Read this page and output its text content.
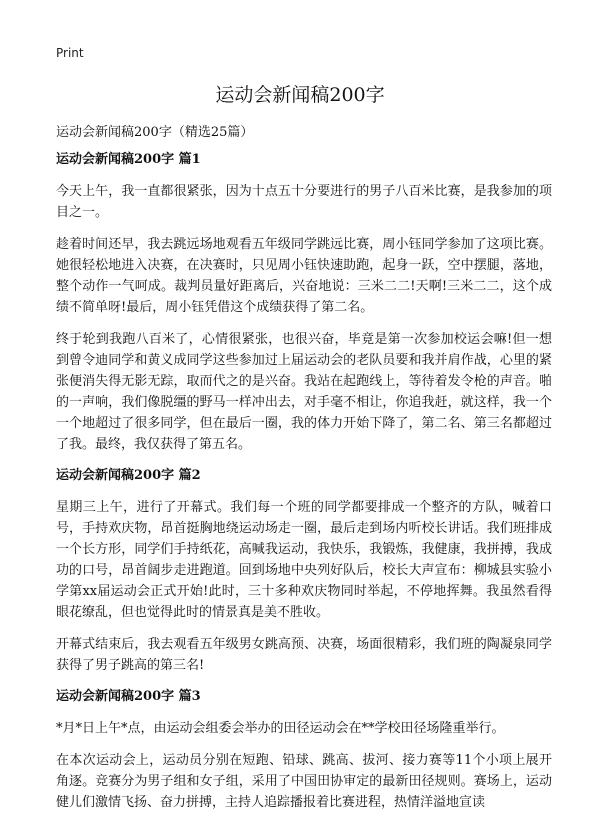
Print
运动会新闻稿200字

运动会新闻稿200字（精选25篇）

运动会新闻稿200字 篇1

今天上午，我一直都很紧张，因为十点五十分要进行的男子八百米比赛，是我参加的项目之一。

趁着时间还早，我去跳远场地观看五年级同学跳远比赛，周小钰同学参加了这项比赛。她很轻松地进入决赛，在决赛时，只见周小钰快速助跑，起身一跃，空中摆腿，落地，整个动作一气呵成。裁判员量好距离后，兴奋地说：三米二二!天啊!三米二二，这个成绩不简单呀!最后，周小钰凭借这个成绩获得了第二名。

终于轮到我跑八百米了，心情很紧张，也很兴奋，毕竟是第一次参加校运会嘛!但一想到曾令迪同学和黄义成同学这些参加过上届运动会的老队员要和我并肩作战，心里的紧张便消失得无影无踪，取而代之的是兴奋。我站在起跑线上，等待着发令枪的声音。啪的一声响，我们像脱缰的野马一样冲出去，对手毫不相让，你追我赶，就这样，我一个一个地超过了很多同学，但在最后一圈，我的体力开始下降了，第二名、第三名都超过了我。最终，我仅获得了第五名。

运动会新闻稿200字 篇2

星期三上午，进行了开幕式。我们每一个班的同学都要排成一个整齐的方队，喊着口号，手持欢庆物，昂首挺胸地绕运动场走一圈，最后走到场内听校长讲话。我们班排成一个长方形，同学们手持纸花，高喊我运动，我快乐，我锻炼，我健康，我拼搏，我成功的口号，昂首阔步走进跑道。回到场地中央列好队后，校长大声宣布：柳城县实验小学第xx届运动会正式开始!此时，三十多种欢庆物同时举起，不停地挥舞。我虽然看得眼花缭乱，但也觉得此时的情景真是美不胜收。

开幕式结束后，我去观看五年级男女跳高预、决赛，场面很精彩，我们班的陶凝泉同学获得了男子跳高的第三名!

运动会新闻稿200字 篇3

*月*日上午*点，由运动会组委会举办的田径运动会在**学校田径场隆重举行。

在本次运动会上，运动员分别在短跑、铅球、跳高、拔河、接力赛等11个小项上展开角逐。竞赛分为男子组和女子组，采用了中国田协审定的最新田径规则。赛场上，运动健儿们激情飞扬、奋力拼搏，主持人追踪播报着比赛进程，热情洋溢地宣读
